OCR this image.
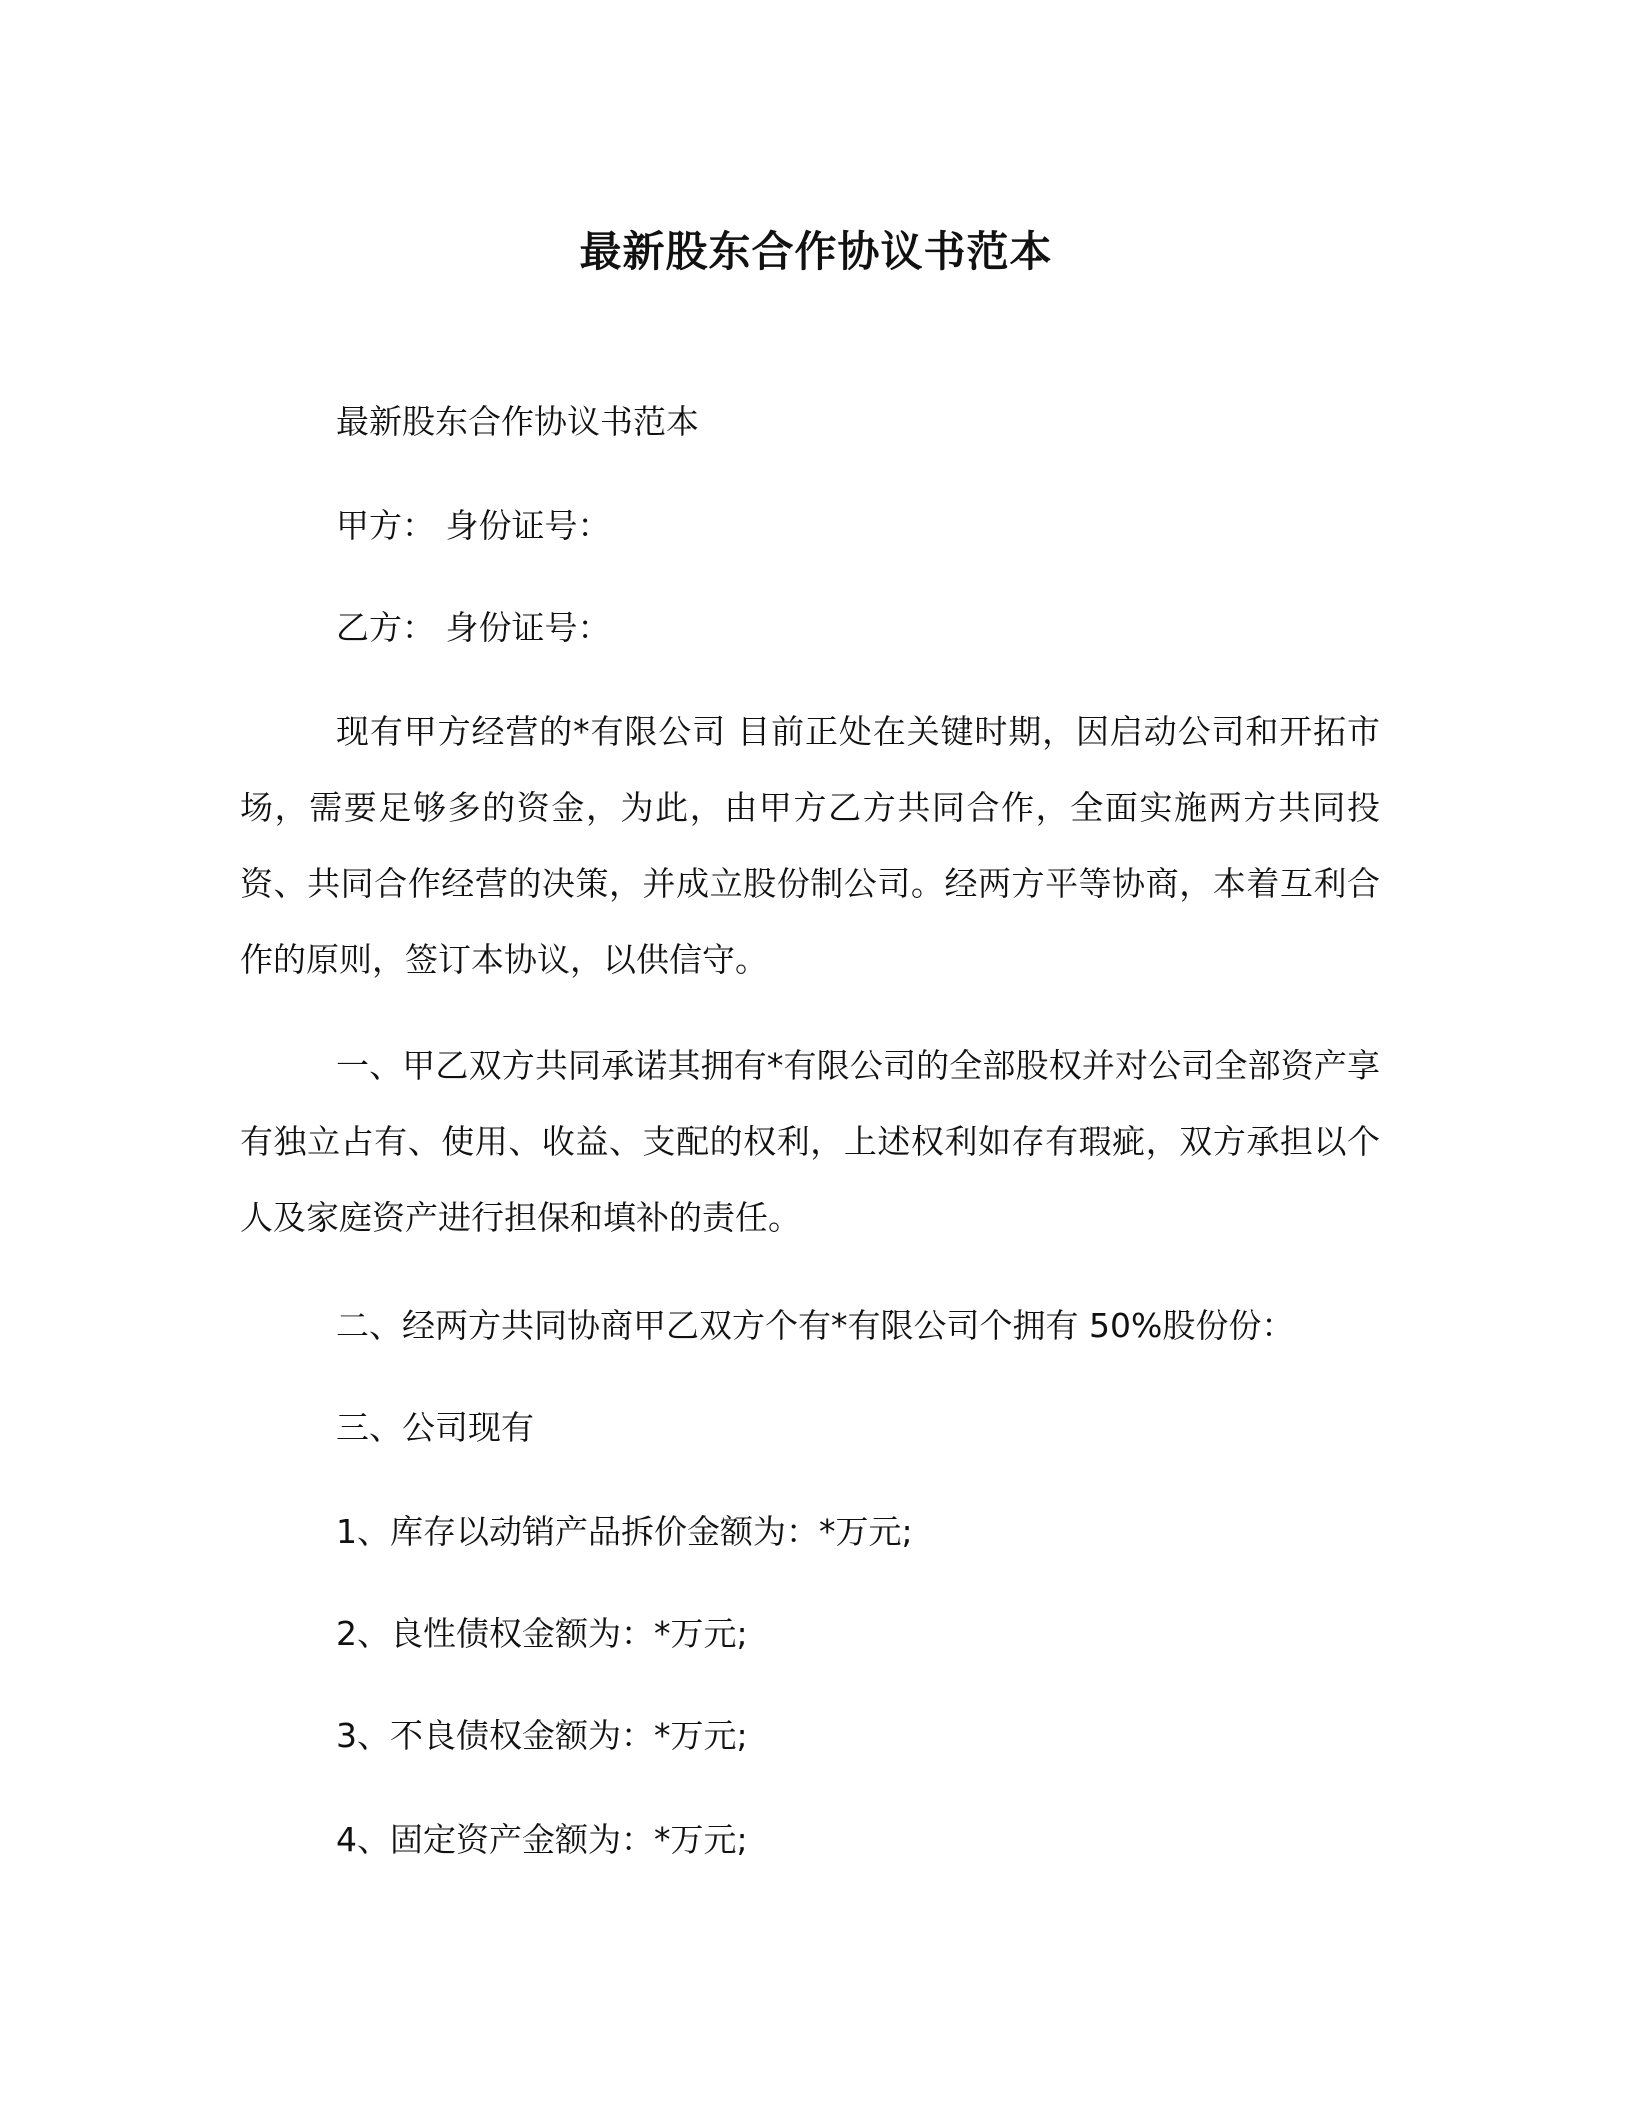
最新股东合作协议书范本

最新股东合作协议书范本

甲方： 身份证号：

乙方： 身份证号：

现有甲方经营的*有限公司 目前正处在关键时期，因启动公司和开拓市场，需要足够多的资金，为此，由甲方乙方共同合作，全面实施两方共同投资、共同合作经营的决策，并成立股份制公司。经两方平等协商，本着互利合作的原则，签订本协议，以供信守。

一、甲乙双方共同承诺其拥有*有限公司的全部股权并对公司全部资产享有独立占有、使用、收益、支配的权利，上述权利如存有瑕疵，双方承担以个人及家庭资产进行担保和填补的责任。

二、经两方共同协商甲乙双方个有*有限公司个拥有 50%股份份：

三、公司现有

1、库存以动销产品拆价金额为：*万元;

2、良性债权金额为：*万元;

3、不良债权金额为：*万元;

4、固定资产金额为：*万元;
